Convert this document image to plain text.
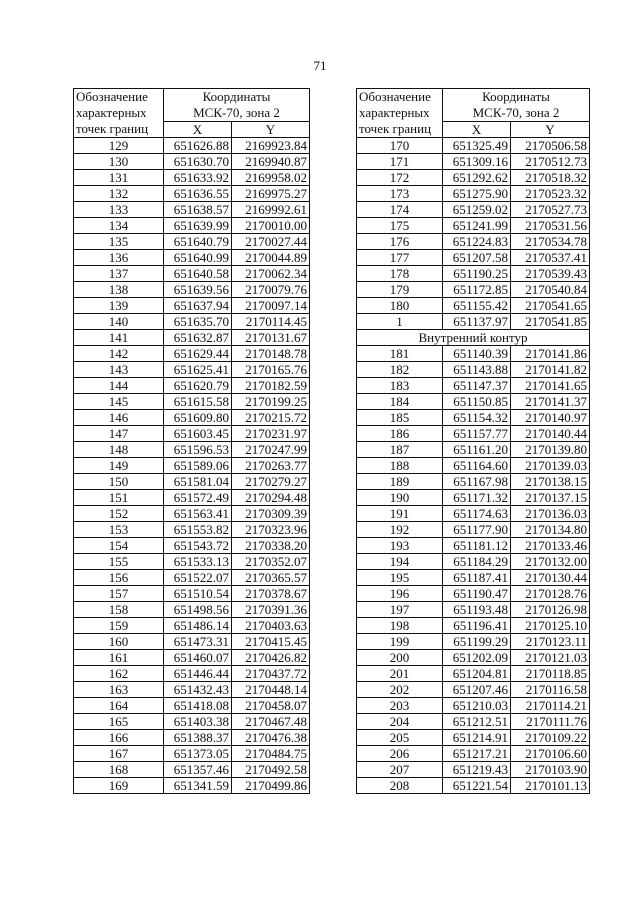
71
Обозначение
характерных
точек границ	Координаты
МСК-70, зона 2	
	X	Y
129	651626.88	2169923.84
130	651630.70	2169940.87
131	651633.92	2169958.02
132	651636.55	2169975.27
133	651638.57	2169992.61
134	651639.99	2170010.00
135	651640.79	2170027.44
136	651640.99	2170044.89
137	651640.58	2170062.34
138	651639.56	2170079.76
139	651637.94	2170097.14
140	651635.70	2170114.45
141	651632.87	2170131.67
142	651629.44	2170148.78
143	651625.41	2170165.76
144	651620.79	2170182.59
145	651615.58	2170199.25
146	651609.80	2170215.72
147	651603.45	2170231.97
148	651596.53	2170247.99
149	651589.06	2170263.77
150	651581.04	2170279.27
151	651572.49	2170294.48
152	651563.41	2170309.39
153	651553.82	2170323.96
154	651543.72	2170338.20
155	651533.13	2170352.07
156	651522.07	2170365.57
157	651510.54	2170378.67
158	651498.56	2170391.36
159	651486.14	2170403.63
160	651473.31	2170415.45
161	651460.07	2170426.82
162	651446.44	2170437.72
163	651432.43	2170448.14
164	651418.08	2170458.07
165	651403.38	2170467.48
166	651388.37	2170476.38
167	651373.05	2170484.75
168	651357.46	2170492.58
169	651341.59	2170499.86
Обозначение
характерных
точек границ	Координаты
МСК-70, зона 2	
	X	Y
170	651325.49	2170506.58
171	651309.16	2170512.73
172	651292.62	2170518.32
173	651275.90	2170523.32
174	651259.02	2170527.73
175	651241.99	2170531.56
176	651224.83	2170534.78
177	651207.58	2170537.41
178	651190.25	2170539.43
179	651172.85	2170540.84
180	651155.42	2170541.65
1	651137.97	2170541.85
Внутренний контур		
181	651140.39	2170141.86
182	651143.88	2170141.82
183	651147.37	2170141.65
184	651150.85	2170141.37
185	651154.32	2170140.97
186	651157.77	2170140.44
187	651161.20	2170139.80
188	651164.60	2170139.03
189	651167.98	2170138.15
190	651171.32	2170137.15
191	651174.63	2170136.03
192	651177.90	2170134.80
193	651181.12	2170133.46
194	651184.29	2170132.00
195	651187.41	2170130.44
196	651190.47	2170128.76
197	651193.48	2170126.98
198	651196.41	2170125.10
199	651199.29	2170123.11
200	651202.09	2170121.03
201	651204.81	2170118.85
202	651207.46	2170116.58
203	651210.03	2170114.21
204	651212.51	2170111.76
205	651214.91	2170109.22
206	651217.21	2170106.60
207	651219.43	2170103.90
208	651221.54	2170101.13
